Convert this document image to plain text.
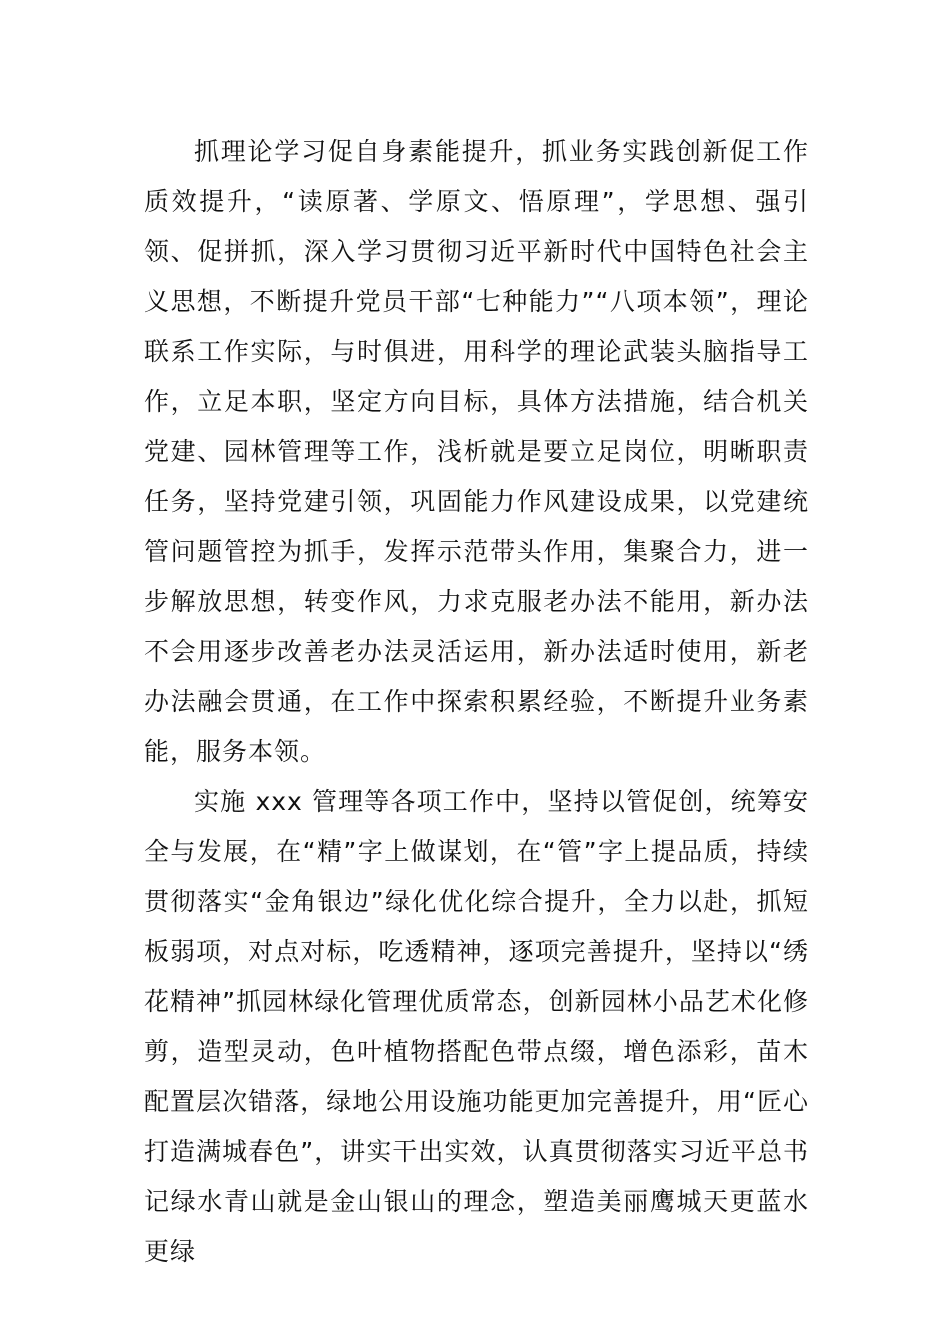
抓理论学习促自身素能提升，抓业务实践创新促工作质效提升，“读原著、学原文、悟原理”，学思想、强引领、促拼抓，深入学习贯彻习近平新时代中国特色社会主义思想，不断提升党员干部“七种能力”“八项本领”，理论联系工作实际，与时俱进，用科学的理论武装头脑指导工作，立足本职，坚定方向目标，具体方法措施，结合机关党建、园林管理等工作，浅析就是要立足岗位，明晰职责任务，坚持党建引领，巩固能力作风建设成果，以党建统管问题管控为抓手，发挥示范带头作用，集聚合力，进一步解放思想，转变作风，力求克服老办法不能用，新办法不会用逐步改善老办法灵活运用，新办法适时使用，新老办法融会贯通，在工作中探索积累经验，不断提升业务素能，服务本领。

实施 xxx 管理等各项工作中，坚持以管促创，统筹安全与发展，在“精”字上做谋划，在“管”字上提品质，持续贯彻落实“金角银边”绿化优化综合提升，全力以赴，抓短板弱项，对点对标，吃透精神，逐项完善提升，坚持以“绣花精神”抓园林绿化管理优质常态，创新园林小品艺术化修剪，造型灵动，色叶植物搭配色带点缀，增色添彩，苗木配置层次错落，绿地公用设施功能更加完善提升，用“匠心打造满城春色”，讲实干出实效，认真贯彻落实习近平总书记绿水青山就是金山银山的理念，塑造美丽鹰城天更蓝水更绿
